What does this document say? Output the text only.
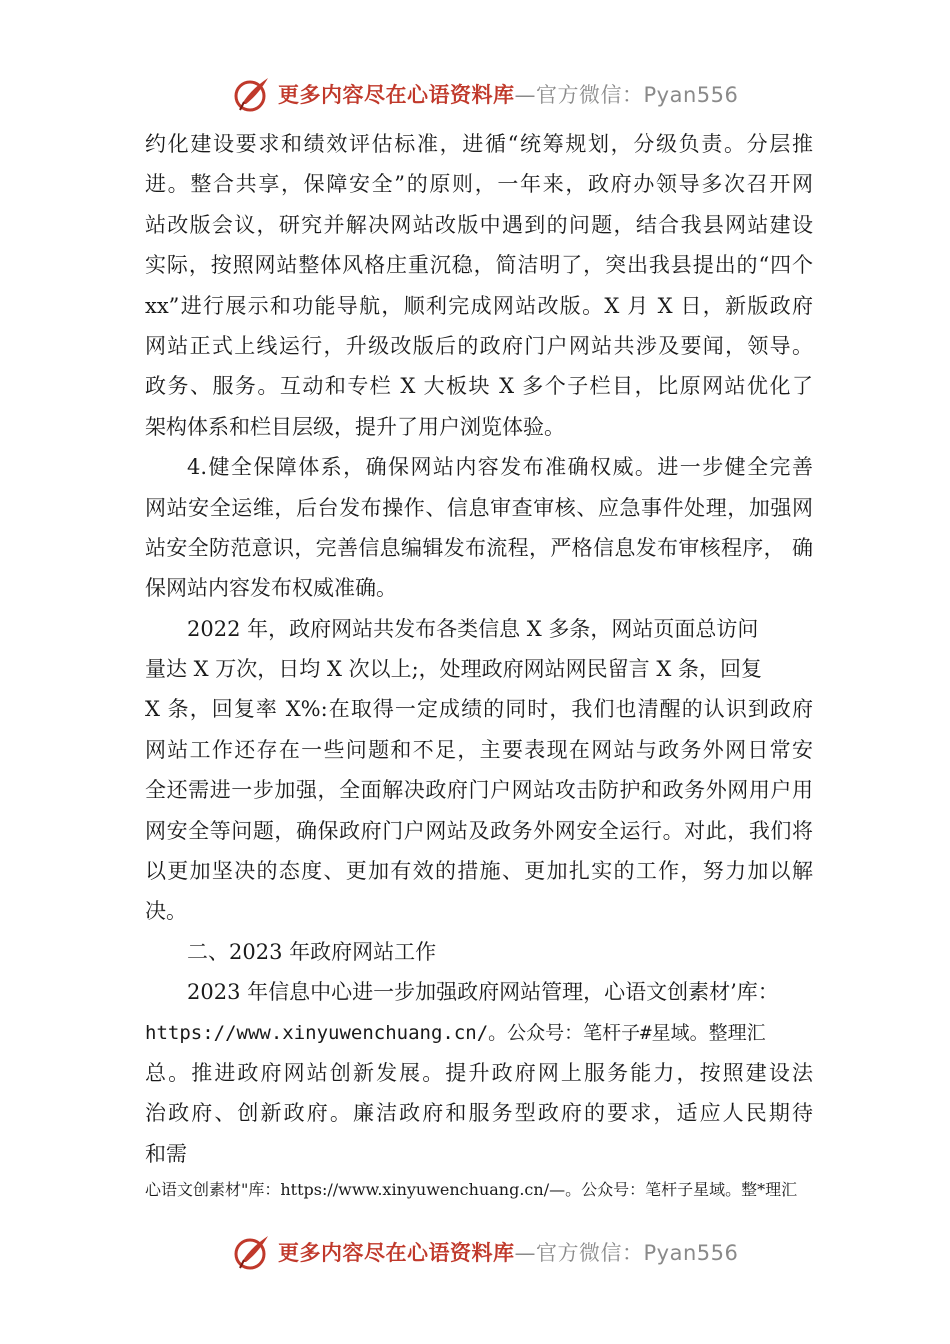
更多内容尽在心语资料库—官方微信：Pyan556
约化建设要求和绩效评估标准，进循“统筹规划，分级负责。分层推
进。整合共享，保障安全”的原则，一年来，政府办领导多次召开网
站改版会议，研究并解决网站改版中遇到的问题，结合我县网站建设
实际，按照网站整体风格庄重沉稳，简洁明了，突出我县提出的“四个
xx”进行展示和功能导航，顺利完成网站改版。X 月 X 日，新版政府
网站正式上线运行，升级改版后的政府门户网站共涉及要闻，领导。
政务、服务。互动和专栏 X 大板块 X 多个子栏目，比原网站优化了
架构体系和栏目层级，提升了用户浏览体验。
4.健全保障体系，确保网站内容发布准确权威。进一步健全完善
网站安全运维，后台发布操作、信息审查审核、应急事件处理，加强网
站安全防范意识，完善信息编辑发布流程，严格信息发布审核程序， 确
保网站内容发布权威准确。
2022 年，政府网站共发布各类信息 X 多条，网站页面总访问
量达 X 万次，日均 X 次以上;，处理政府网站网民留言 X 条，回复
X 条，回复率 X%:在取得一定成绩的同时，我们也清醒的认识到政府
网站工作还存在一些问题和不足，主要表现在网站与政务外网日常安
全还需进一步加强，全面解决政府门户网站攻击防护和政务外网用户用
网安全等问题，确保政府门户网站及政务外网安全运行。对此，我们将
以更加坚决的态度、更加有效的措施、更加扎实的工作，努力加以解
决。
二、2023 年政府网站工作
2023 年信息中心进一步加强政府网站管理，心语文创素材’库：
https://www.xinyuwenchuang.cn/。公众号：笔杆子#星域。整理汇
总。推进政府网站创新发展。提升政府网上服务能力，按照建设法
治政府、创新政府。廉洁政府和服务型政府的要求，适应人民期待
和需
心语文创素材"库：https://www.xinyuwenchuang.cn/—。公众号：笔杆子星域。整*理汇
更多内容尽在心语资料库—官方微信：Pyan556
